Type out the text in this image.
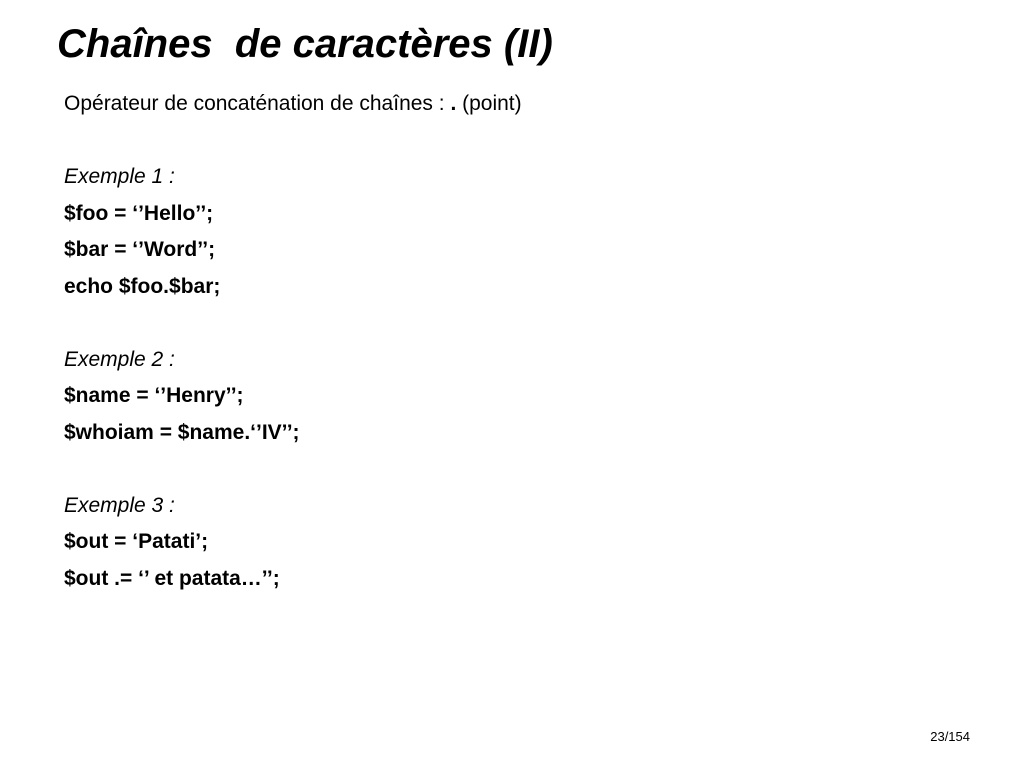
Chaînes  de caractères (II)
Opérateur de concaténation de chaînes : . (point)
Exemple 1 :
$foo = ‘’Hello’’;
$bar = ‘’Word’’;
echo $foo.$bar;
Exemple 2 :
$name = ‘’Henry’’;
$whoiam = $name.‘’IV’’;
Exemple 3 :
$out = ‘Patati’;
$out .= ‘’ et patata…’’;
23/154
